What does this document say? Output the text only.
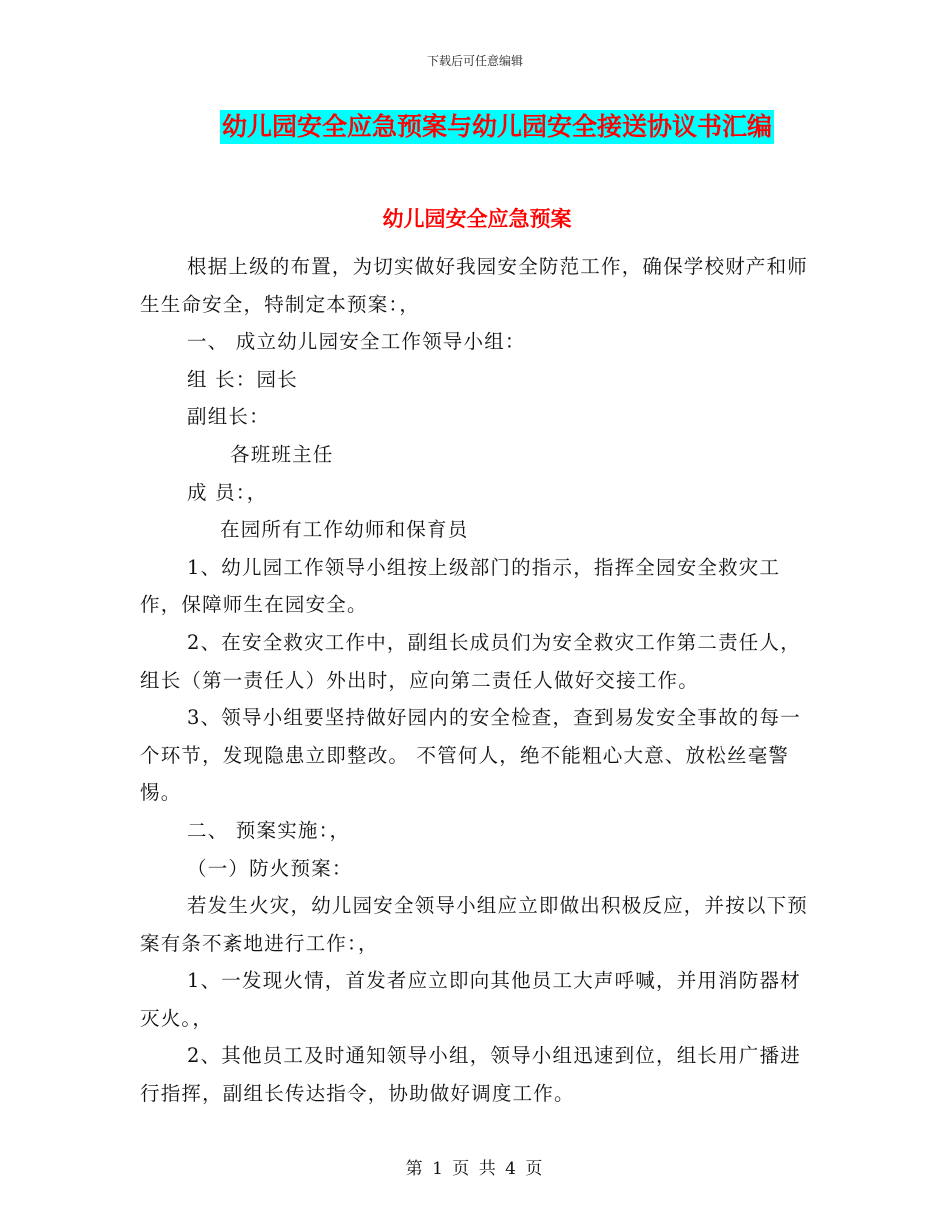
下载后可任意编辑
幼儿园安全应急预案与幼儿园安全接送协议书汇编
幼儿园安全应急预案

根据上级的布置，为切实做好我园安全防范工作，确保学校财产和师生生命安全，特制定本预案：，

一、 成立幼儿园安全工作领导小组：

组 长：园长

副组长：

各班班主任

成 员：，

在园所有工作幼师和保育员

1、幼儿园工作领导小组按上级部门的指示，指挥全园安全救灾工作，保障师生在园安全。

2、在安全救灾工作中，副组长成员们为安全救灾工作第二责任人，组长（第一责任人）外出时，应向第二责任人做好交接工作。

3、领导小组要坚持做好园内的安全检查，查到易发安全事故的每一个环节，发现隐患立即整改。 不管何人，绝不能粗心大意、放松丝毫警惕。

二、 预案实施：，

（一）防火预案：

若发生火灾，幼儿园安全领导小组应立即做出积极反应，并按以下预案有条不紊地进行工作：，

1、一发现火情，首发者应立即向其他员工大声呼喊，并用消防器材灭火。，

2、其他员工及时通知领导小组，领导小组迅速到位，组长用广播进行指挥，副组长传达指令，协助做好调度工作。

第 1 页 共 4 页
